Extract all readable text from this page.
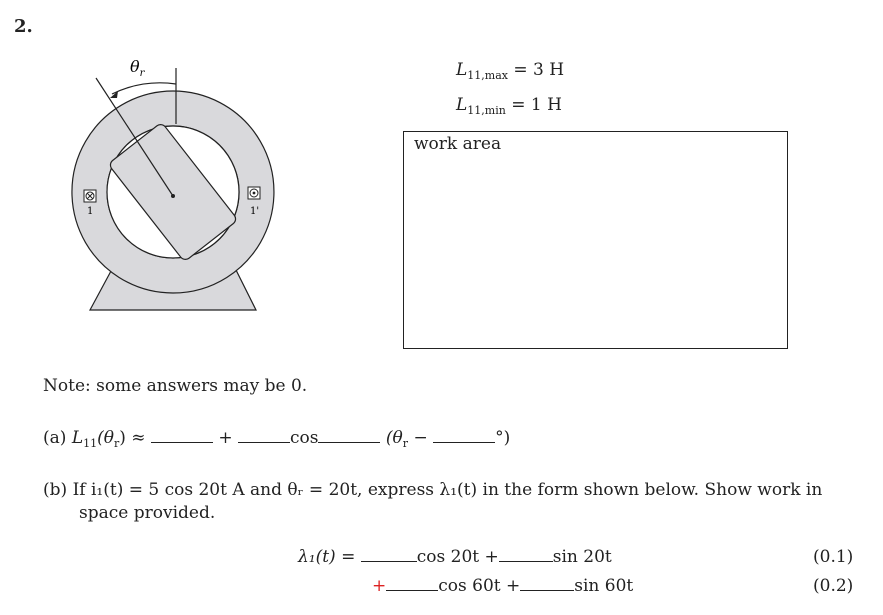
2.
$\theta_r$
1	1'
$L_{11,max} = 3$ H
$L_{11,min} = 1$ H
work area
Note: some answers may be 0.
(a) $L_{11}(\theta_r)$ ≈	+	cos	($\theta_r$ −	°)
(b) If i₁(t) = 5 cos 20t A and θᵣ = 20t, express λ₁(t) in the form shown below. Show work in
space provided.
λ₁(t) =	cos 20t +	sin 20t	(0.1)
+	cos 60t +	sin 60t	(0.2)
